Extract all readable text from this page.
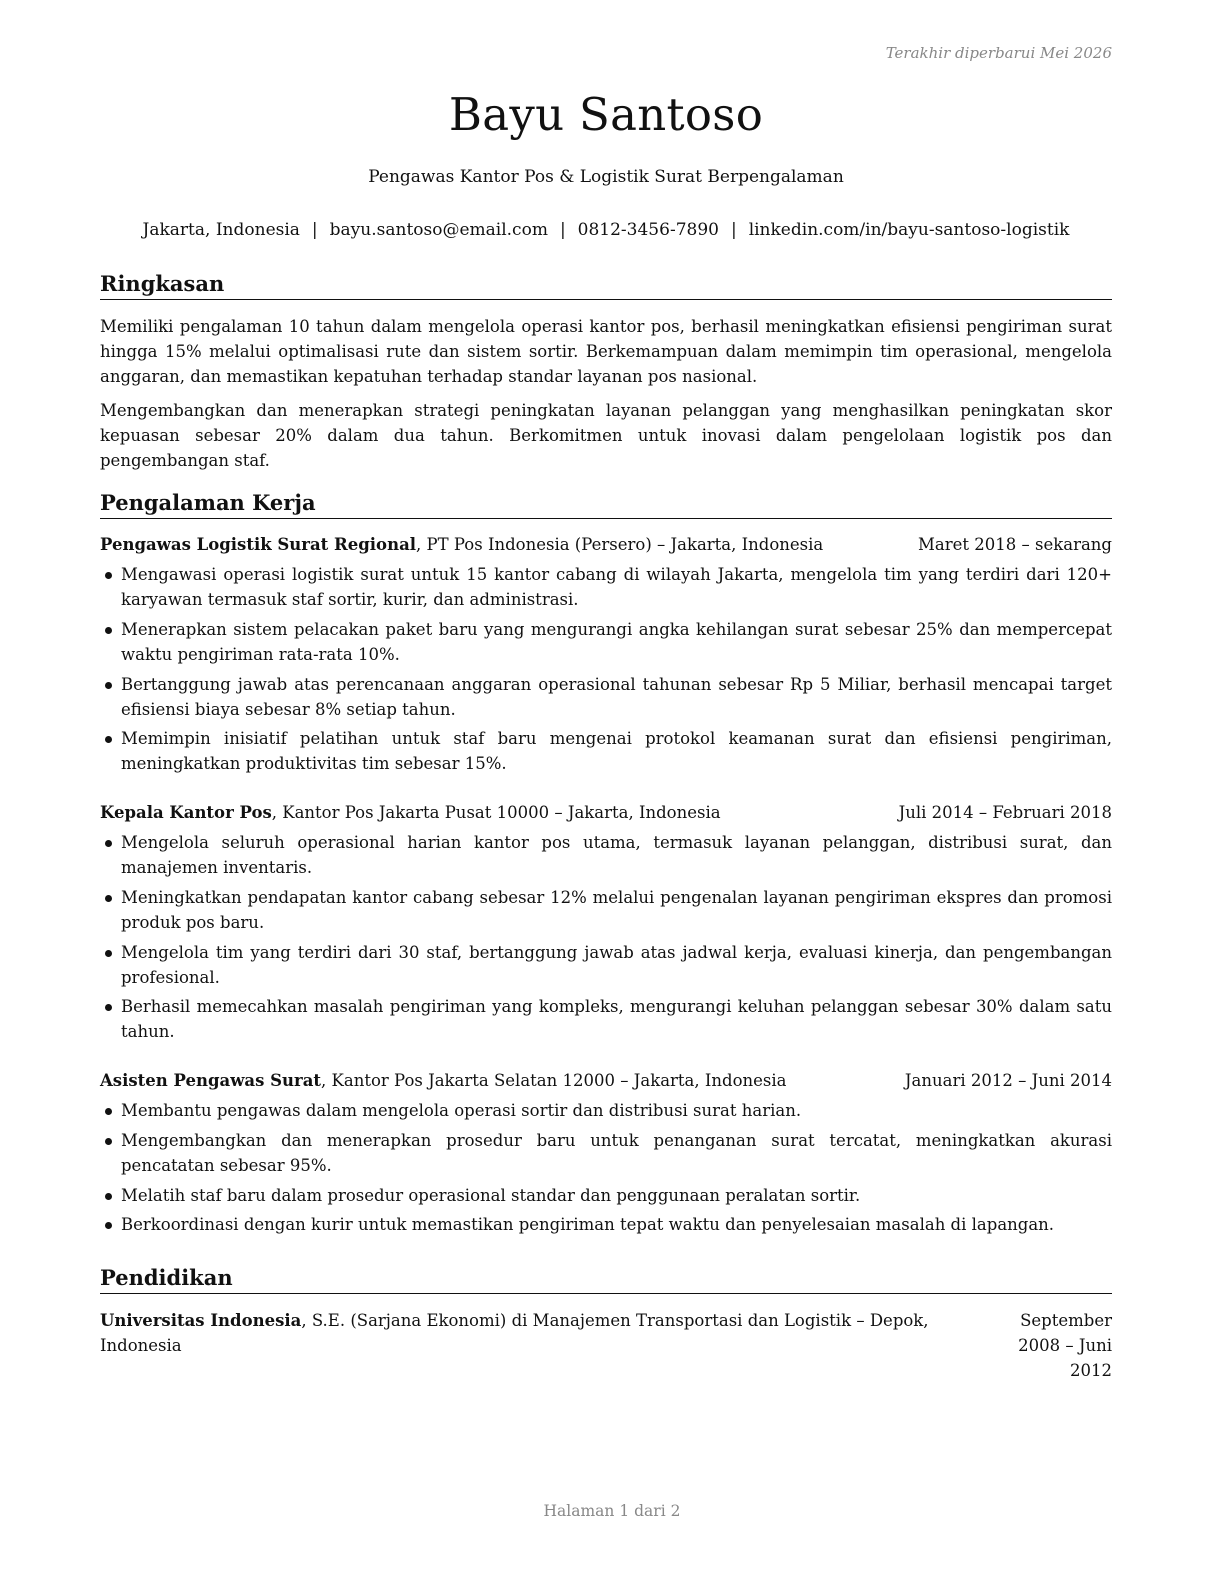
Terakhir diperbarui Mei 2026
Bayu Santoso
Pengawas Kantor Pos & Logistik Surat Berpengalaman
Jakarta, Indonesia | bayu.santoso@email.com | 0812-3456-7890 | linkedin.com/in/bayu-santoso-logistik
Ringkasan

Memiliki pengalaman 10 tahun dalam mengelola operasi kantor pos, berhasil meningkatkan efisiensi pengiriman surat hingga 15% melalui optimalisasi rute dan sistem sortir. Berkemampuan dalam memimpin tim operasional, mengelola anggaran, dan memastikan kepatuhan terhadap standar layanan pos nasional.

Mengembangkan dan menerapkan strategi peningkatan layanan pelanggan yang menghasilkan peningkatan skor kepuasan sebesar 20% dalam dua tahun. Berkomitmen untuk inovasi dalam pengelolaan logistik pos dan pengembangan staf.

Pengalaman Kerja
Pengawas Logistik Surat Regional, PT Pos Indonesia (Persero) – Jakarta, Indonesia	Maret 2018 – sekarang
Mengawasi operasi logistik surat untuk 15 kantor cabang di wilayah Jakarta, mengelola tim yang terdiri dari 120+ karyawan termasuk staf sortir, kurir, dan administrasi.
Menerapkan sistem pelacakan paket baru yang mengurangi angka kehilangan surat sebesar 25% dan mempercepat waktu pengiriman rata-rata 10%.
Bertanggung jawab atas perencanaan anggaran operasional tahunan sebesar Rp 5 Miliar, berhasil mencapai target efisiensi biaya sebesar 8% setiap tahun.
Memimpin inisiatif pelatihan untuk staf baru mengenai protokol keamanan surat dan efisiensi pengiriman, meningkatkan produktivitas tim sebesar 15%.
Kepala Kantor Pos, Kantor Pos Jakarta Pusat 10000 – Jakarta, Indonesia	Juli 2014 – Februari 2018
Mengelola seluruh operasional harian kantor pos utama, termasuk layanan pelanggan, distribusi surat, dan manajemen inventaris.
Meningkatkan pendapatan kantor cabang sebesar 12% melalui pengenalan layanan pengiriman ekspres dan promosi produk pos baru.
Mengelola tim yang terdiri dari 30 staf, bertanggung jawab atas jadwal kerja, evaluasi kinerja, dan pengembangan profesional.
Berhasil memecahkan masalah pengiriman yang kompleks, mengurangi keluhan pelanggan sebesar 30% dalam satu tahun.
Asisten Pengawas Surat, Kantor Pos Jakarta Selatan 12000 – Jakarta, Indonesia	Januari 2012 – Juni 2014
Membantu pengawas dalam mengelola operasi sortir dan distribusi surat harian.
Mengembangkan dan menerapkan prosedur baru untuk penanganan surat tercatat, meningkatkan akurasi pencatatan sebesar 95%.
Melatih staf baru dalam prosedur operasional standar dan penggunaan peralatan sortir.
Berkoordinasi dengan kurir untuk memastikan pengiriman tepat waktu dan penyelesaian masalah di lapangan.
Pendidikan
Universitas Indonesia, S.E. (Sarjana Ekonomi) di Manajemen Transportasi dan Logistik – Depok, Indonesia
September 2008 – Juni 2012
Halaman 1 dari 2
